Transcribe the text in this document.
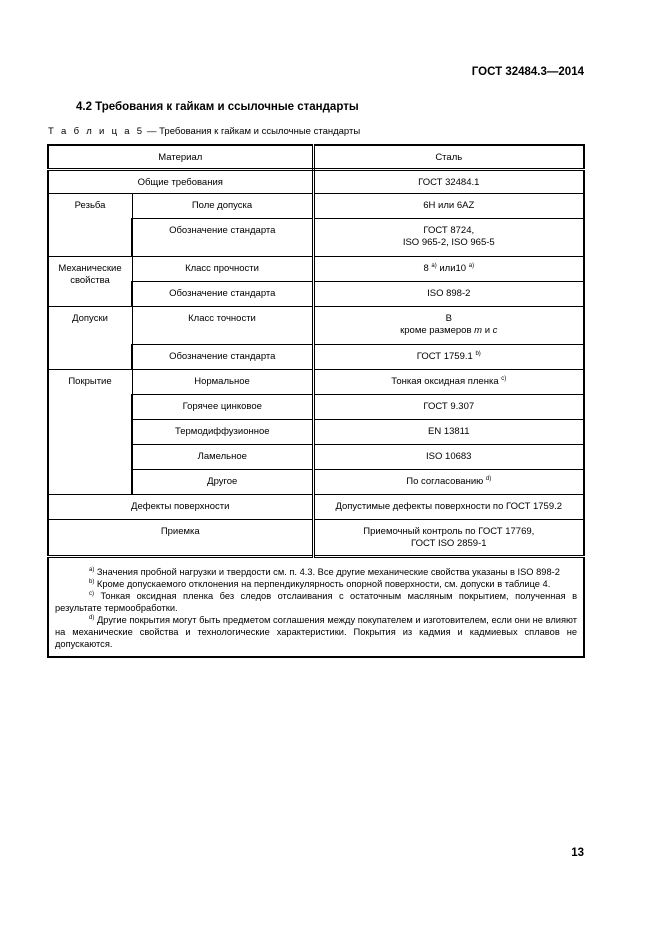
ГОСТ 32484.3—2014
4.2 Требования к гайкам и ссылочные стандарты
Т а б л и ц а 5 — Требования к гайкам и ссылочные стандарты
Материал		Сталь
Общие требования		ГОСТ 32484.1
Резьба	Поле допуска	6H или 6AZ
	Обозначение стандарта	ГОСТ 8724,
ISO 965-2, ISO 965-5

Механические свойства	Класс прочности	8 $^{a)}$ или10 $^{a)}$
	Обозначение стандарта	ISO 898-2
Допуски	Класс точности	B
кроме размеров m и c

	Обозначение стандарта	ГОСТ 1759.1 $^{b)}$
Покрытие	Нормальное	Тонкая оксидная пленка $^{c)}$
	Горячее цинковое	ГОСТ 9.307
	Термодиффузионное	EN 13811
	Ламельное	ISO 10683
	Другое	По согласованию $^{d)}$
Дефекты поверхности		Допустимые дефекты поверхности по ГОСТ 1759.2
Приемка		Приемочный контроль по ГОСТ 17769,
ГОСТ ISO 2859-1

$^{a)}$ Значения пробной нагрузки и твердости см. п. 4.3. Все другие механические свойства указаны в ISO 898-2

$^{b)}$ Кроме допускаемого отклонения на перпендикулярность опорной поверхности, см. допуски в таблице 4.

$^{c)}$ Тонкая оксидная пленка без следов отслаивания с остаточным масляным покрытием, полученная в результате термообработки.

$^{d)}$ Другие покрытия могут быть предметом соглашения между покупателем и изготовителем, если они не влияют на механические свойства и технологические характеристики. Покрытия из кадмия и кадмиевых сплавов не допускаются.		

13
